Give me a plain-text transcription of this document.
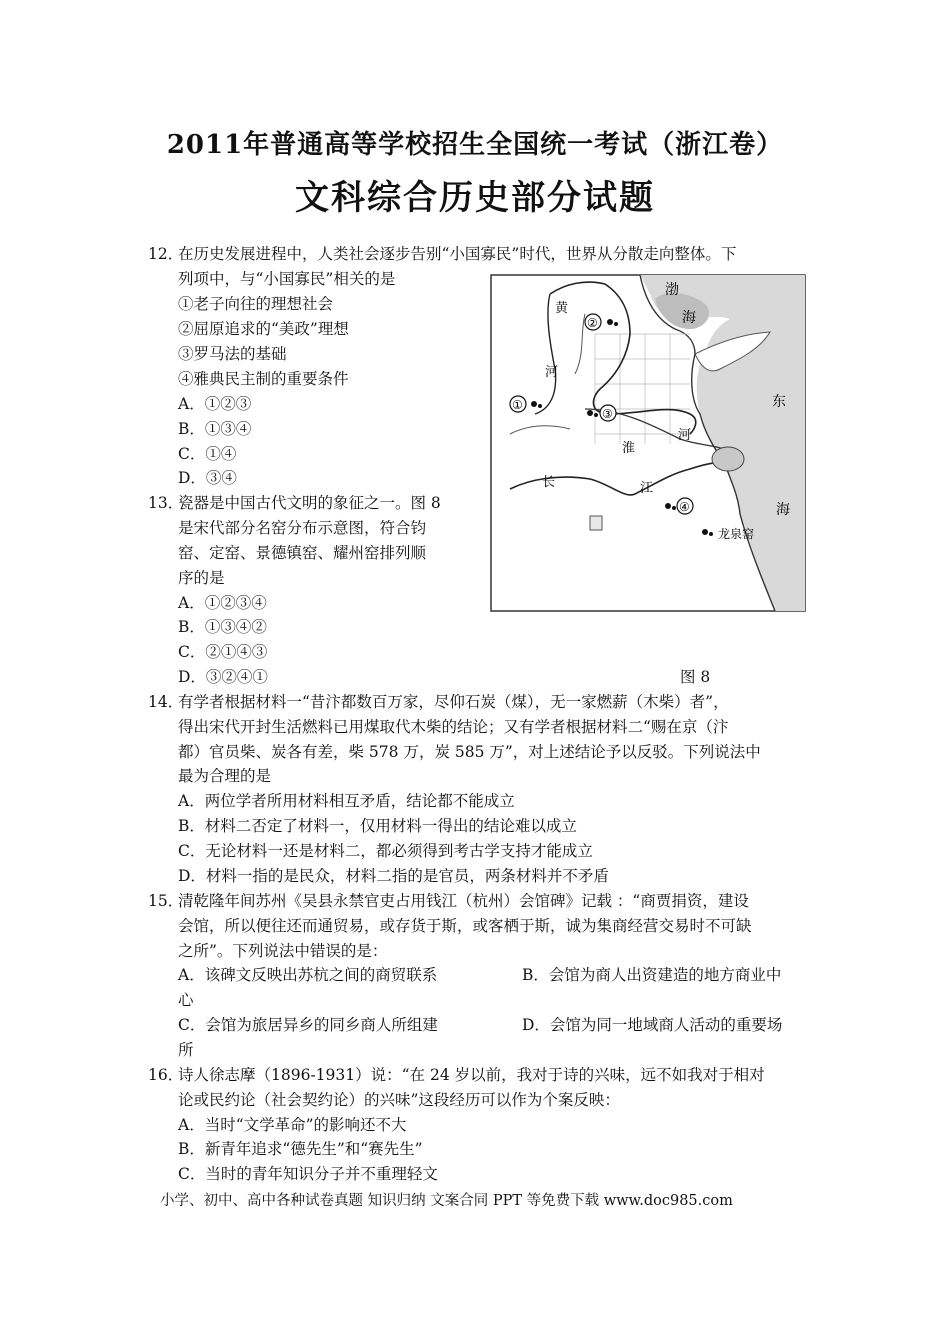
2011年普通高等学校招生全国统一考试（浙江卷）
文科综合历史部分试题
12．
在历史发展进程中，人类社会逐步告别“小国寡民”时代，世界从分散走向整体。下
列项中，与“小国寡民”相关的是
①老子向往的理想社会
②屈原追求的“美政”理想
③罗马法的基础
④雅典民主制的重要条件
A．①②③
B．①③④
C．①④
D．③④
13．
瓷器是中国古代文明的象征之一。图 8
是宋代部分名窑分布示意图，符合钧
窑、定窑、景德镇窑、耀州窑排列顺
序的是
A．①②③④
B．①③④②
C．②①④③
D．③②④①	图 8
渤
海
黄
河
淮
河
东
长	江
海
龙泉窑
②
①
③
④
14．
有学者根据材料一“昔汴都数百万家，尽仰石炭（煤），无一家燃薪（木柴）者”，
得出宋代开封生活燃料已用煤取代木柴的结论；又有学者根据材料二“赐在京（汴
都）官员柴、炭各有差，柴 578 万，炭 585 万”，对上述结论予以反驳。下列说法中
最为合理的是
A．两位学者所用材料相互矛盾，结论都不能成立
B．材料二否定了材料一，仅用材料一得出的结论难以成立
C．无论材料一还是材料二，都必须得到考古学支持才能成立
D．材料一指的是民众，材料二指的是官员，两条材料并不矛盾
15．
清乾隆年间苏州《吴县永禁官吏占用钱江（杭州）会馆碑》记载 ：“商贾捐资，建设
会馆，所以便往还而通贸易，或存货于斯，或客栖于斯，诚为集商经营交易时不可缺
之所”。下列说法中错误的是：
A．该碑文反映出苏杭之间的商贸联系	B．会馆为商人出资建造的地方商业中
心
C．会馆为旅居异乡的同乡商人所组建	D．会馆为同一地域商人活动的重要场
所
16．
诗人徐志摩（1896-1931）说：“在 24 岁以前，我对于诗的兴味，远不如我对于相对
论或民约论（社会契约论）的兴味”这段经历可以作为个案反映：
A．当时“文学革命”的影响还不大
B．新青年追求“德先生”和“赛先生”
C．当时的青年知识分子并不重理轻文
小学、初中、高中各种试卷真题 知识归纳 文案合同 PPT 等免费下载 www.doc985.com
